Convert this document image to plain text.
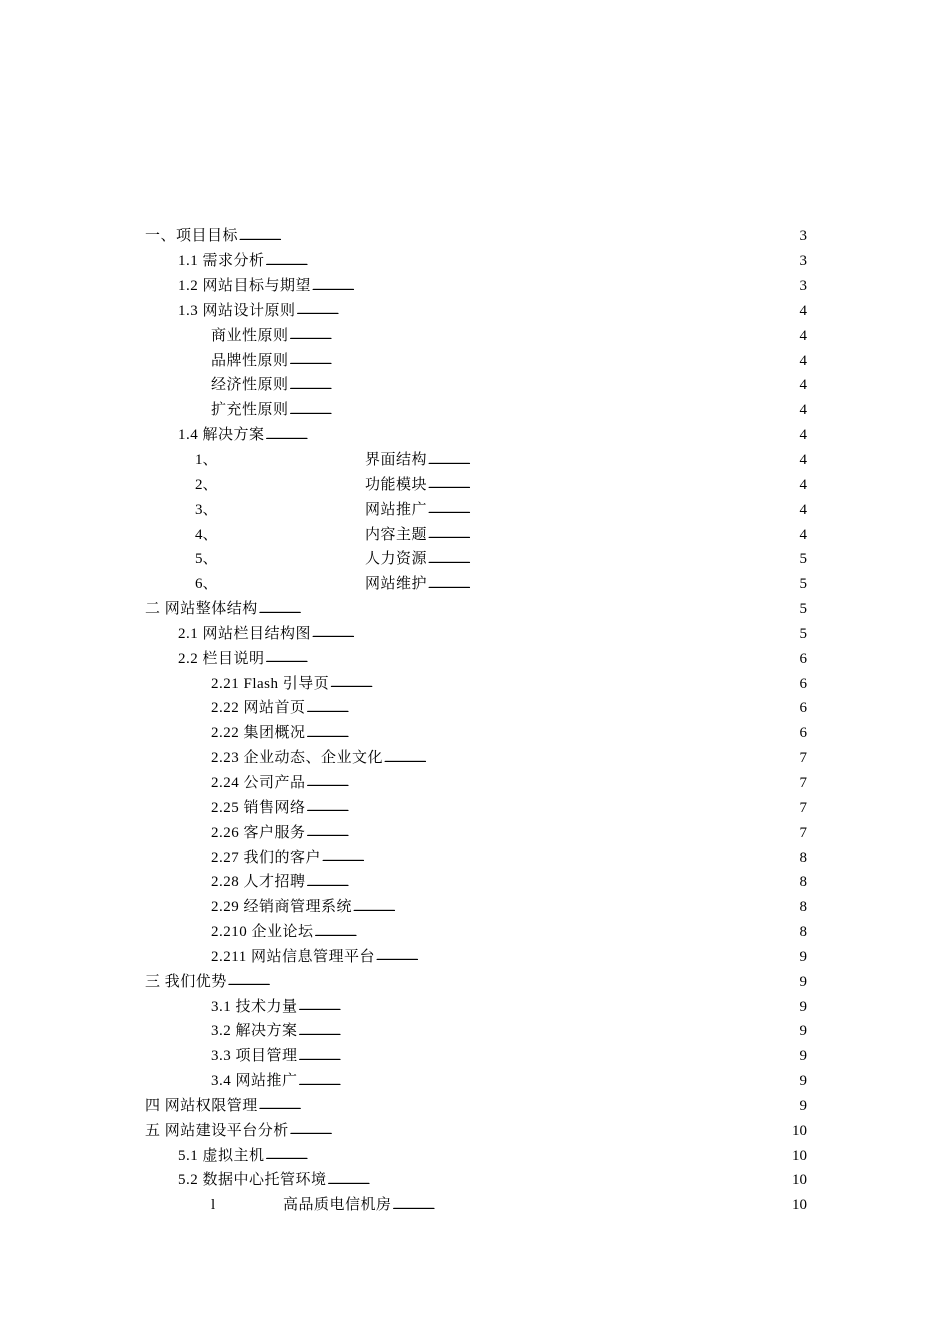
一、项目目标 . . .	3
1.1 需求分析 . . .	3
1.2 网站目标与期望 . . .	3
1.3 网站设计原则 . . .	4
商业性原则 . . .	4
品牌性原则 . . .	4
经济性原则 . . .	4
扩充性原则 . . .	4
1.4 解决方案 . . .	4
1、	界面结构 . . .	4
2、	功能模块 . . .	4
3、	网站推广 . . .	4
4、	内容主题 . . .	4
5、	人力资源 . . .	5
6、	网站维护 . . .	5
二 网站整体结构 . . .	5
2.1 网站栏目结构图 . . .	5
2.2 栏目说明 . . .	6
2.21 Flash 引导页 . . .	6
2.22 网站首页 . . .	6
2.22 集团概况 . . .	6
2.23 企业动态、企业文化 . . .	7
2.24 公司产品 . . .	7
2.25 销售网络 . . .	7
2.26 客户服务 . . .	7
2.27 我们的客户 . . .	8
2.28 人才招聘 . . .	8
2.29 经销商管理系统 . . .	8
2.210 企业论坛 . . .	8
2.211 网站信息管理平台 . . .	9
三 我们优势 . . .	9
3.1 技术力量 . . .	9
3.2 解决方案 . . .	9
3.3 项目管理 . . .	9
3.4 网站推广 . . .	9
四 网站权限管理 . . .	9
五 网站建设平台分析 . . .	10
5.1 虚拟主机 . . .	10
5.2 数据中心托管环境 . . .	10
l	高品质电信机房 . . .	10
